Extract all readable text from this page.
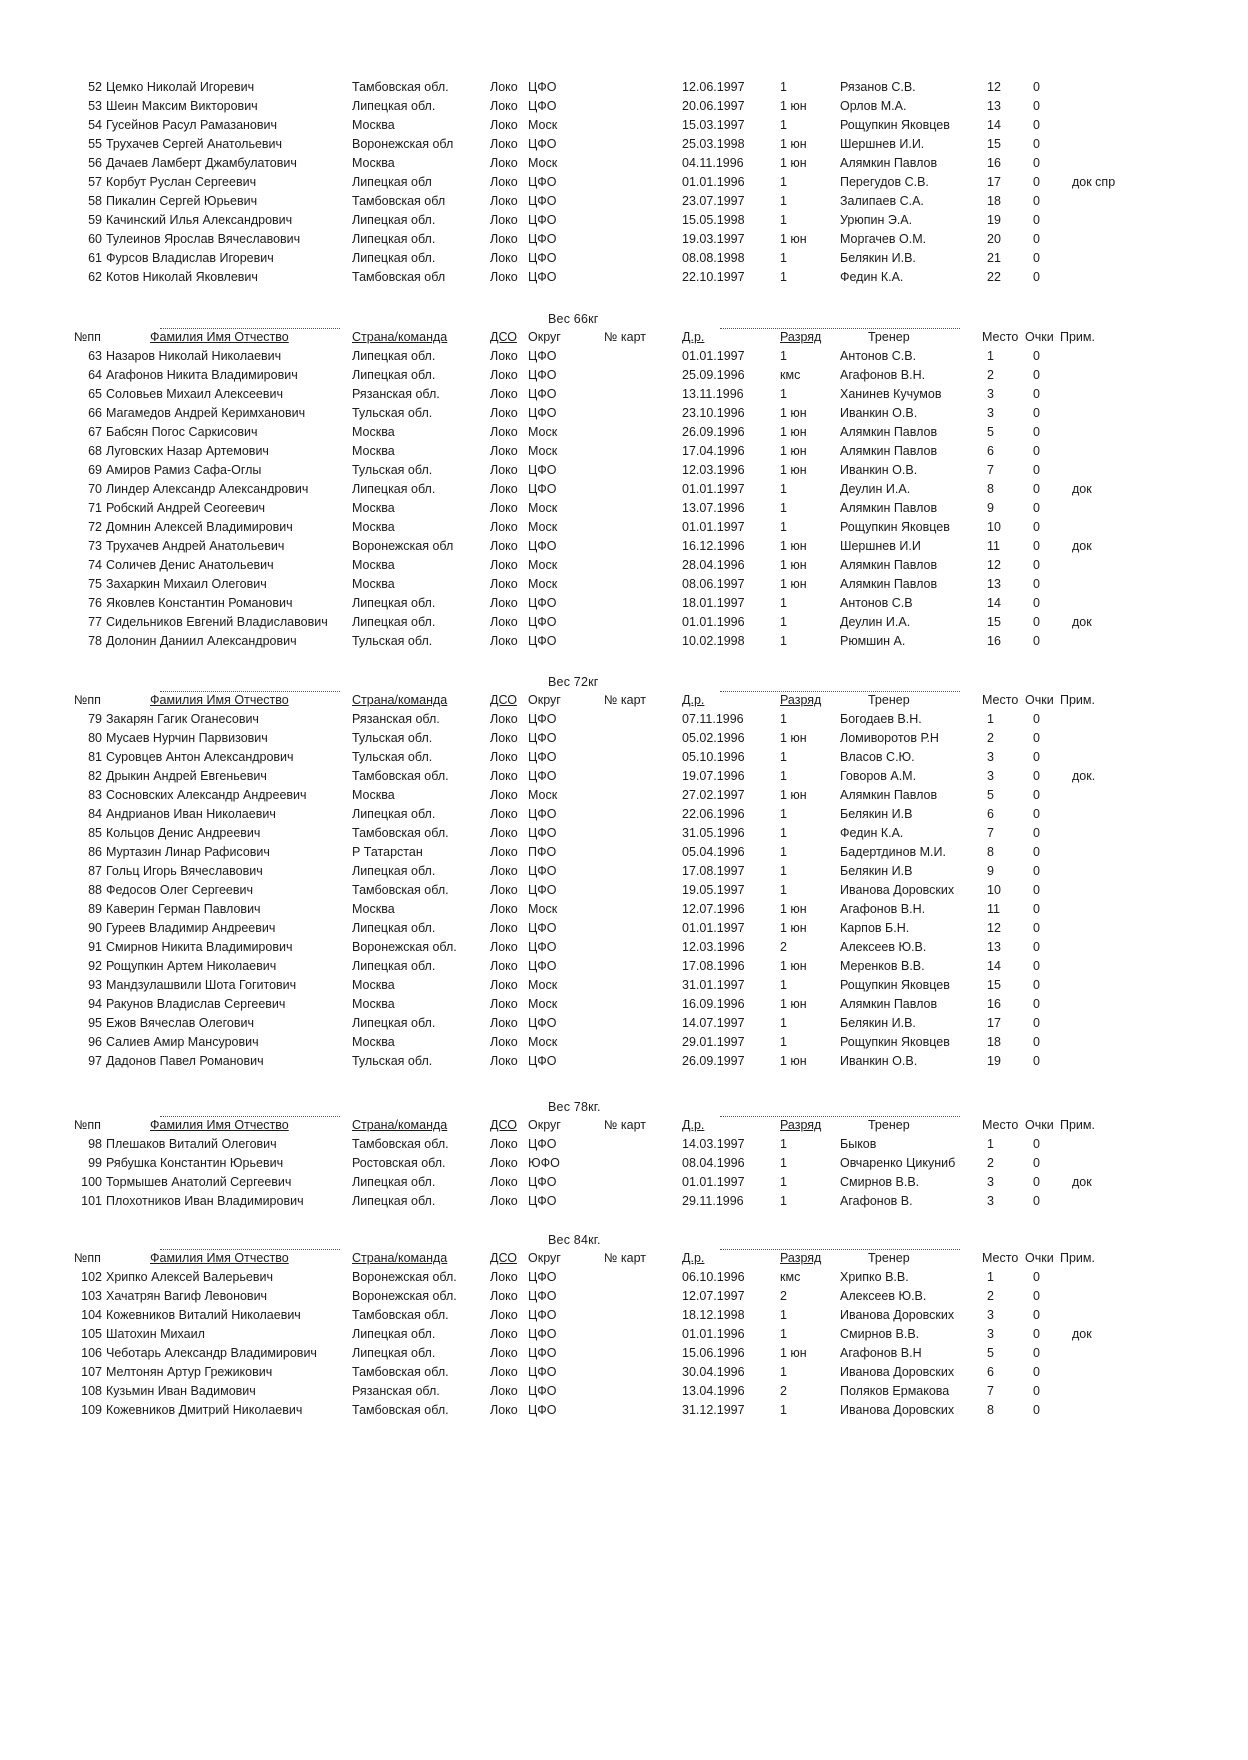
52 Цемко Николай Игоревич	Тамбовская обл.	Локо ЦФО	12.06.1997	1	Рязанов С.В.	12	0
53 Шеин Максим Викторович	Липецкая обл.	Локо ЦФО	20.06.1997	1 юн	Орлов М.А.	13	0
54 Гусейнов Расул Рамазанович	Москва	Локо Моск	15.03.1997	1	Рощупкин Яковцев	14	0
55 Трухачев Сергей Анатольевич	Воронежская обл	Локо ЦФО	25.03.1998	1 юн	Шершнев И.И.	15	0
56 Дачаев Ламберт Джамбулатович	Москва	Локо Моск	04.11.1996	1 юн	Алямкин Павлов	16	0
57 Корбут Руслан Сергеевич	Липецкая обл	Локо ЦФО	01.01.1996	1	Перегудов С.В.	17	0	док спр
58 Пикалин Сергей Юрьевич	Тамбовская обл	Локо ЦФО	23.07.1997	1	Залипаев С.А.	18	0
59 Качинский Илья Александрович	Липецкая обл.	Локо ЦФО	15.05.1998	1	Урюпин Э.А.	19	0
60 Тулеинов Ярослав Вячеславович	Липецкая обл.	Локо ЦФО	19.03.1997	1 юн	Моргачев О.М.	20	0
61 Фурсов Владислав Игоревич	Липецкая обл.	Локо ЦФО	08.08.1998	1	Белякин И.В.	21	0
62 Котов Николай Яковлевич	Тамбовская обл	Локо ЦФО	22.10.1997	1	Федин К.А.	22	0
Вес 66кг
№пп	Фамилия Имя Отчество	Страна/команда	ДСО Округ	№ карт	Д.р.	Разряд	Тренер	Место Очки Прим.
63 Назаров Николай Николаевич	Липецкая обл.	Локо ЦФО	01.01.1997	1	Антонов С.В.	1	0
64 Агафонов Никита Владимирович	Липецкая обл.	Локо ЦФО	25.09.1996	кмс	Агафонов В.Н.	2	0
65 Соловьев Михаил Алексеевич	Рязанская обл.	Локо ЦФО	13.11.1996	1	Ханинев Кучумов	3	0
66 Магамедов Андрей Керимханович	Тульская обл.	Локо ЦФО	23.10.1996	1 юн	Иванкин О.В.	3	0
67 Бабсян Погос Саркисович	Москва	Локо Моск	26.09.1996	1 юн	Алямкин Павлов	5	0
68 Луговских Назар Артемович	Москва	Локо Моск	17.04.1996	1 юн	Алямкин Павлов	6	0
69 Амиров Рамиз Сафа-Оглы	Тульская обл.	Локо ЦФО	12.03.1996	1 юн	Иванкин О.В.	7	0
70 Линдер Александр Александрович	Липецкая обл.	Локо ЦФО	01.01.1997	1	Деулин И.А.	8	0	док
71 Робский Андрей Сеогеевич	Москва	Локо Моск	13.07.1996	1	Алямкин Павлов	9	0
72 Домнин Алексей Владимирович	Москва	Локо Моск	01.01.1997	1	Рощупкин Яковцев	10	0
73 Трухачев Андрей Анатольевич	Воронежская обл	Локо ЦФО	16.12.1996	1 юн	Шершнев И.И	11	0	док
74 Соличев Денис Анатольевич	Москва	Локо Моск	28.04.1996	1 юн	Алямкин Павлов	12	0
75 Захаркин Михаил Олегович	Москва	Локо Моск	08.06.1997	1 юн	Алямкин Павлов	13	0
76 Яковлев Константин Романович	Липецкая обл.	Локо ЦФО	18.01.1997	1	Антонов С.В	14	0
77 Сидельников Евгений Владиславович	Липецкая обл.	Локо ЦФО	01.01.1996	1	Деулин И.А.	15	0	док
78 Долонин Даниил Александрович	Тульская обл.	Локо ЦФО	10.02.1998	1	Рюмшин А.	16	0
Вес 72кг
№пп	Фамилия Имя Отчество	Страна/команда	ДСО Округ	№ карт	Д.р.	Разряд	Тренер	Место Очки Прим.
79 Закарян Гагик Оганесович	Рязанская обл.	Локо ЦФО	07.11.1996	1	Богодаев В.Н.	1	0
80 Мусаев Нурчин Парвизович	Тульская обл.	Локо ЦФО	05.02.1996	1 юн	Ломиворотов Р.Н	2	0
81 Суровцев Антон Александрович	Тульская обл.	Локо ЦФО	05.10.1996	1	Власов С.Ю.	3	0
82 Дрыкин Андрей Евгеньевич	Тамбовская обл.	Локо ЦФО	19.07.1996	1	Говоров А.М.	3	0	док.
83 Сосновских Александр Андреевич	Москва	Локо Моск	27.02.1997	1 юн	Алямкин Павлов	5	0
84 Андрианов Иван Николаевич	Липецкая обл.	Локо ЦФО	22.06.1996	1	Белякин И.В	6	0
85 Кольцов Денис Андреевич	Тамбовская обл.	Локо ЦФО	31.05.1996	1	Федин К.А.	7	0
86 Муртазин Линар Рафисович	Р Татарстан	Локо ПФО	05.04.1996	1	Бадертдинов М.И.	8	0
87 Гольц Игорь Вячеславович	Липецкая обл.	Локо ЦФО	17.08.1997	1	Белякин И.В	9	0
88 Федосов Олег Сергеевич	Тамбовская обл.	Локо ЦФО	19.05.1997	1	Иванова Доровских	10	0
89 Каверин Герман Павлович	Москва	Локо Моск	12.07.1996	1 юн	Агафонов В.Н.	11	0
90 Гуреев Владимир Андреевич	Липецкая обл.	Локо ЦФО	01.01.1997	1 юн	Карпов Б.Н.	12	0
91 Смирнов Никита Владимирович	Воронежская обл.	Локо ЦФО	12.03.1996	2	Алексеев Ю.В.	13	0
92 Рощупкин Артем Николаевич	Липецкая обл.	Локо ЦФО	17.08.1996	1 юн	Меренков В.В.	14	0
93 Мандзулашвили Шота Гогитович	Москва	Локо Моск	31.01.1997	1	Рощупкин Яковцев	15	0
94 Ракунов Владислав Сергеевич	Москва	Локо Моск	16.09.1996	1 юн	Алямкин Павлов	16	0
95 Ежов Вячеслав Олегович	Липецкая обл.	Локо ЦФО	14.07.1997	1	Белякин И.В.	17	0
96 Салиев Амир Мансурович	Москва	Локо Моск	29.01.1997	1	Рощупкин Яковцев	18	0
97 Дадонов Павел Романович	Тульская обл.	Локо ЦФО	26.09.1997	1 юн	Иванкин О.В.	19	0
Вес 78кг.
№пп	Фамилия Имя Отчество	Страна/команда	ДСО Округ	№ карт	Д.р.	Разряд	Тренер	Место Очки Прим.
98 Плешаков Виталий Олегович	Тамбовская обл.	Локо ЦФО	14.03.1997	1	Быков	1	0
99 Рябушка Константин Юрьевич	Ростовская обл.	Локо ЮФО	08.04.1996	1	Овчаренко Цикуниб	2	0
100 Тормышев Анатолий Сергеевич	Липецкая обл.	Локо ЦФО	01.01.1997	1	Смирнов В.В.	3	0	док
101 Плохотников Иван Владимирович	Липецкая обл.	Локо ЦФО	29.11.1996	1	Агафонов В.	3	0
Вес 84кг.
№пп	Фамилия Имя Отчество	Страна/команда	ДСО Округ	№ карт	Д.р.	Разряд	Тренер	Место Очки Прим.
102 Хрипко Алексей Валерьевич	Воронежская обл.	Локо ЦФО	06.10.1996	кмс	Хрипко В.В.	1	0
103 Хачатрян Вагиф Левонович	Воронежская обл.	Локо ЦФО	12.07.1997	2	Алексеев Ю.В.	2	0
104 Кожевников Виталий Николаевич	Тамбовская обл.	Локо ЦФО	18.12.1998	1	Иванова Доровских	3	0
105 Шатохин Михаил	Липецкая обл.	Локо ЦФО	01.01.1996	1	Смирнов В.В.	3	0	док
106 Чеботарь Александр Владимирович	Липецкая обл.	Локо ЦФО	15.06.1996	1 юн	Агафонов В.Н	5	0
107 Мелтонян Артур Грежикович	Тамбовская обл.	Локо ЦФО	30.04.1996	1	Иванова Доровских	6	0
108 Кузьмин Иван Вадимович	Рязанская обл.	Локо ЦФО	13.04.1996	2	Поляков Ермакова	7	0
109 Кожевников Дмитрий Николаевич	Тамбовская обл.	Локо ЦФО	31.12.1997	1	Иванова Доровских	8	0
